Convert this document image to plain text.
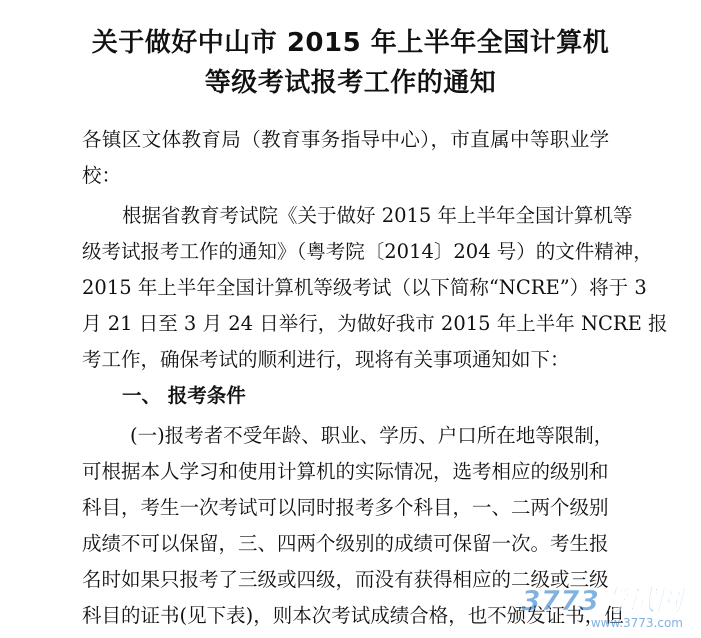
关于做好中山市 2015 年上半年全国计算机
等级考试报考工作的通知
各镇区文体教育局（教育事务指导中心），市直属中等职业学
校：
根据省教育考试院《关于做好 2015 年上半年全国计算机等
级考试报考工作的通知》（粤考院〔2014〕204 号）的文件精神，
2015 年上半年全国计算机等级考试（以下简称“NCRE”）将于 3
月 21 日至 3 月 24 日举行，为做好我市 2015 年上半年 NCRE 报
考工作，确保考试的顺利进行，现将有关事项通知如下：
一、 报考条件
(一)报考者不受年龄、职业、学历、户口所在地等限制，
可根据本人学习和使用计算机的实际情况，选考相应的级别和
科目，考生一次考试可以同时报考多个科目，一、二两个级别
成绩不可以保留，三、四两个级别的成绩可保留一次。考生报
名时如果只报考了三级或四级，而没有获得相应的二级或三级
科目的证书(见下表)，则本次考试成绩合格，也不颁发证书，但
3773考试网
www.3773.com
